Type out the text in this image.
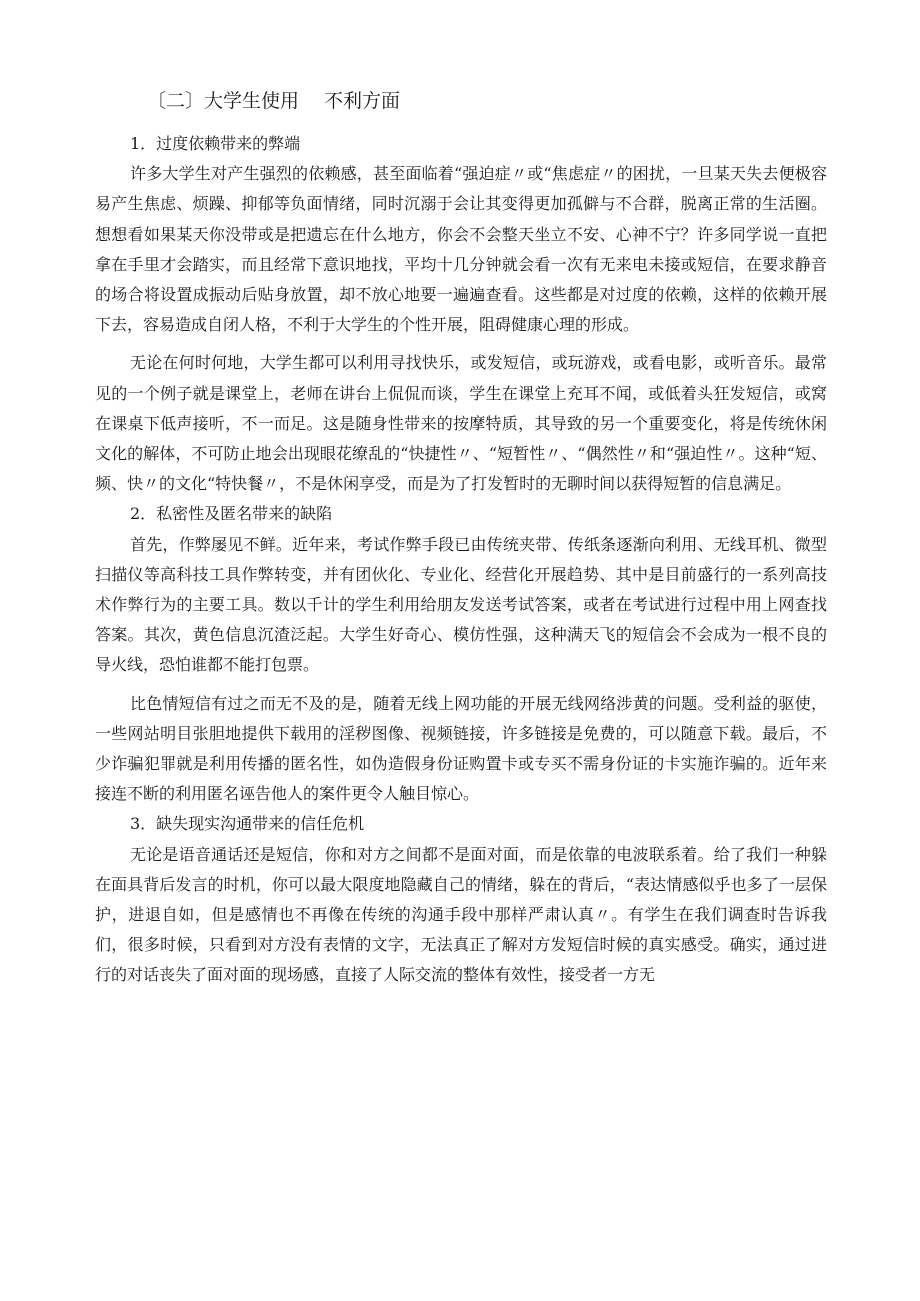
〔二〕大学生使用　 不利方面

1．过度依赖带来的弊端

许多大学生对产生强烈的依赖感，甚至面临着“强迫症〃或“焦虑症〃的困扰，一旦某天失去便极容易产生焦虑、烦躁、抑郁等负面情绪，同时沉溺于会让其变得更加孤僻与不合群，脱离正常的生活圈。想想看如果某天你没带或是把遗忘在什么地方，你会不会整天坐立不安、心神不宁？许多同学说一直把拿在手里才会踏实，而且经常下意识地找，平均十几分钟就会看一次有无来电未接或短信，在要求静音的场合将设置成振动后贴身放置，却不放心地要一遍遍查看。这些都是对过度的依赖，这样的依赖开展下去，容易造成自闭人格，不利于大学生的个性开展，阻碍健康心理的形成。

无论在何时何地，大学生都可以利用寻找快乐，或发短信，或玩游戏，或看电影，或听音乐。最常见的一个例子就是课堂上，老师在讲台上侃侃而谈，学生在课堂上充耳不闻，或低着头狂发短信，或窝在课桌下低声接听，不一而足。这是随身性带来的按摩特质，其导致的另一个重要变化，将是传统休闲文化的解体，不可防止地会出现眼花缭乱的“快捷性〃、“短暂性〃、“偶然性〃和“强迫性〃。这种“短、频、快〃的文化“特快餐〃，不是休闲享受，而是为了打发暂时的无聊时间以获得短暂的信息满足。

2．私密性及匿名带来的缺陷

首先，作弊屡见不鲜。近年来，考试作弊手段已由传统夹带、传纸条逐渐向利用、无线耳机、微型扫描仪等高科技工具作弊转变，并有团伙化、专业化、经营化开展趋势、其中是目前盛行的一系列高技术作弊行为的主要工具。数以千计的学生利用给朋友发送考试答案，或者在考试进行过程中用上网查找答案。其次，黄色信息沉渣泛起。大学生好奇心、模仿性强，这种满天飞的短信会不会成为一根不良的导火线，恐怕谁都不能打包票。

比色情短信有过之而无不及的是，随着无线上网功能的开展无线网络涉黄的问题。受利益的驱使，一些网站明目张胆地提供下载用的淫秽图像、视频链接，许多链接是免费的，可以随意下载。最后，不少诈骗犯罪就是利用传播的匿名性，如伪造假身份证购置卡或专买不需身份证的卡实施诈骗的。近年来接连不断的利用匿名诬告他人的案件更令人触目惊心。

3．缺失现实沟通带来的信任危机

无论是语音通话还是短信，你和对方之间都不是面对面，而是依靠的电波联系着。给了我们一种躲在面具背后发言的时机，你可以最大限度地隐藏自己的情绪，躲在的背后，“表达情感似乎也多了一层保护，进退自如，但是感情也不再像在传统的沟通手段中那样严肃认真〃。有学生在我们调查时告诉我们，很多时候，只看到对方没有表情的文字，无法真正了解对方发短信时候的真实感受。确实，通过进行的对话丧失了面对面的现场感，直接了人际交流的整体有效性，接受者一方无
